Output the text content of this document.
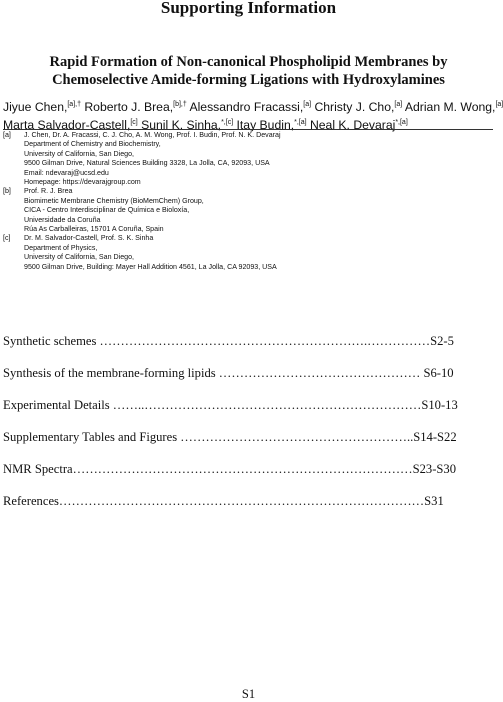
Supporting Information
Rapid Formation of Non-canonical Phospholipid Membranes by
Chemoselective Amide-forming Ligations with Hydroxylamines
Jiyue Chen,$^{[a],\dagger}$ Roberto J. Brea,$^{[b],\dagger}$ Alessandro Fracassi,[a] Christy J. Cho,[a] Adrian M. Wong,[a]
Marta Salvador-Castell,[c] Sunil K. Sinha,$^{*,[c]}$ Itay Budin,$^{*,[a]}$ Neal K. Devaraj$^{*,[a]}$
[a]	J. Chen, Dr. A. Fracassi, C. J. Cho, A. M. Wong, Prof. I. Budin, Prof. N. K. Devaraj
Department of Chemistry and Biochemistry,
University of California, San Diego,
9500 Gilman Drive, Natural Sciences Building 3328, La Jolla, CA, 92093, USA
Email: ndevaraj@ucsd.edu
Homepage: https://devarajgroup.com
[b]	Prof. R. J. Brea
Biomimetic Membrane Chemistry (BioMemChem) Group,
CICA - Centro Interdisciplinar de Química e Bioloxía,
Universidade da Coruña
Rúa As Carballeiras, 15701 A Coruña, Spain
[c]	Dr. M. Salvador-Castell, Prof. S. K. Sinha
Department of Physics,
University of California, San Diego,
9500 Gilman Drive, Building: Mayer Hall Addition 4561, La Jolla, CA 92093, USA
Synthetic schemes ……………………………………………………….……………S2-5
Synthesis of the membrane-forming lipids ………………………………………… S6-10
Experimental Details ……..…………………………………………………………S10-13
Supplementary Tables and Figures ………………………………………………..S14-S22
NMR Spectra………………………………………………………………………S23-S30
References……………………………………………………………………………S31
S1
